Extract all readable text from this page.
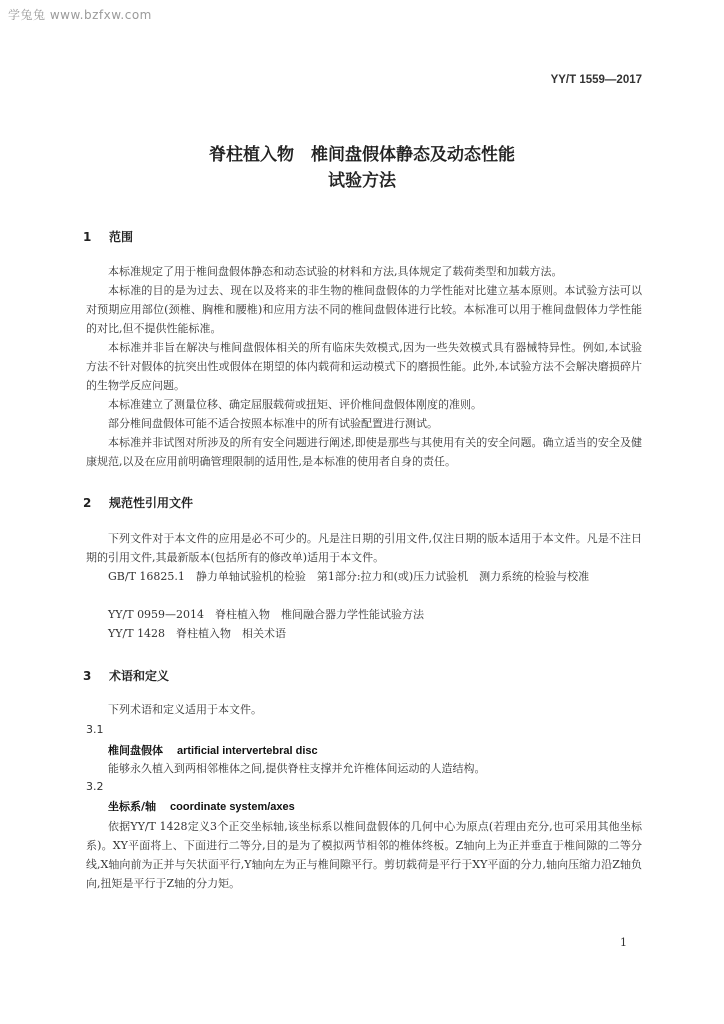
学兔兔 www.bzfxw.com
YY/T 1559—2017
脊柱植入物　椎间盘假体静态及动态性能
试验方法
1 范围
本标准规定了用于椎间盘假体静态和动态试验的材料和方法,具体规定了载荷类型和加载方法。
本标准的目的是为过去、现在以及将来的非生物的椎间盘假体的力学性能对比建立基本原则。本试验方法可以对预期应用部位(颈椎、胸椎和腰椎)和应用方法不同的椎间盘假体进行比较。本标准可以用于椎间盘假体力学性能的对比,但不提供性能标准。
本标准并非旨在解决与椎间盘假体相关的所有临床失效模式,因为一些失效模式具有器械特异性。例如,本试验方法不针对假体的抗突出性或假体在期望的体内载荷和运动模式下的磨损性能。此外,本试验方法不会解决磨损碎片的生物学反应问题。
本标准建立了测量位移、确定屈服载荷或扭矩、评价椎间盘假体刚度的准则。
部分椎间盘假体可能不适合按照本标准中的所有试验配置进行测试。
本标准并非试图对所涉及的所有安全问题进行阐述,即使是那些与其使用有关的安全问题。确立适当的安全及健康规范,以及在应用前明确管理限制的适用性,是本标准的使用者自身的责任。
2 规范性引用文件
下列文件对于本文件的应用是必不可少的。凡是注日期的引用文件,仅注日期的版本适用于本文件。凡是不注日期的引用文件,其最新版本(包括所有的修改单)适用于本文件。
GB/T 16825.1　静力单轴试验机的检验　第1部分:拉力和(或)压力试验机　测力系统的检验与校准
YY/T 0959—2014　脊柱植入物　椎间融合器力学性能试验方法
YY/T 1428　脊柱植入物　相关术语
3 术语和定义
下列术语和定义适用于本文件。
3.1
椎间盘假体 artificial intervertebral disc
能够永久植入到两相邻椎体之间,提供脊柱支撑并允许椎体间运动的人造结构。
3.2
坐标系/轴 coordinate system/axes
依据YY/T 1428定义3个正交坐标轴,该坐标系以椎间盘假体的几何中心为原点(若理由充分,也可采用其他坐标系)。XY平面将上、下面进行二等分,目的是为了模拟两节相邻的椎体终板。Z轴向上为正并垂直于椎间隙的二等分线,X轴向前为正并与矢状面平行,Y轴向左为正与椎间隙平行。剪切载荷是平行于XY平面的分力,轴向压缩力沿Z轴负向,扭矩是平行于Z轴的分力矩。
1
